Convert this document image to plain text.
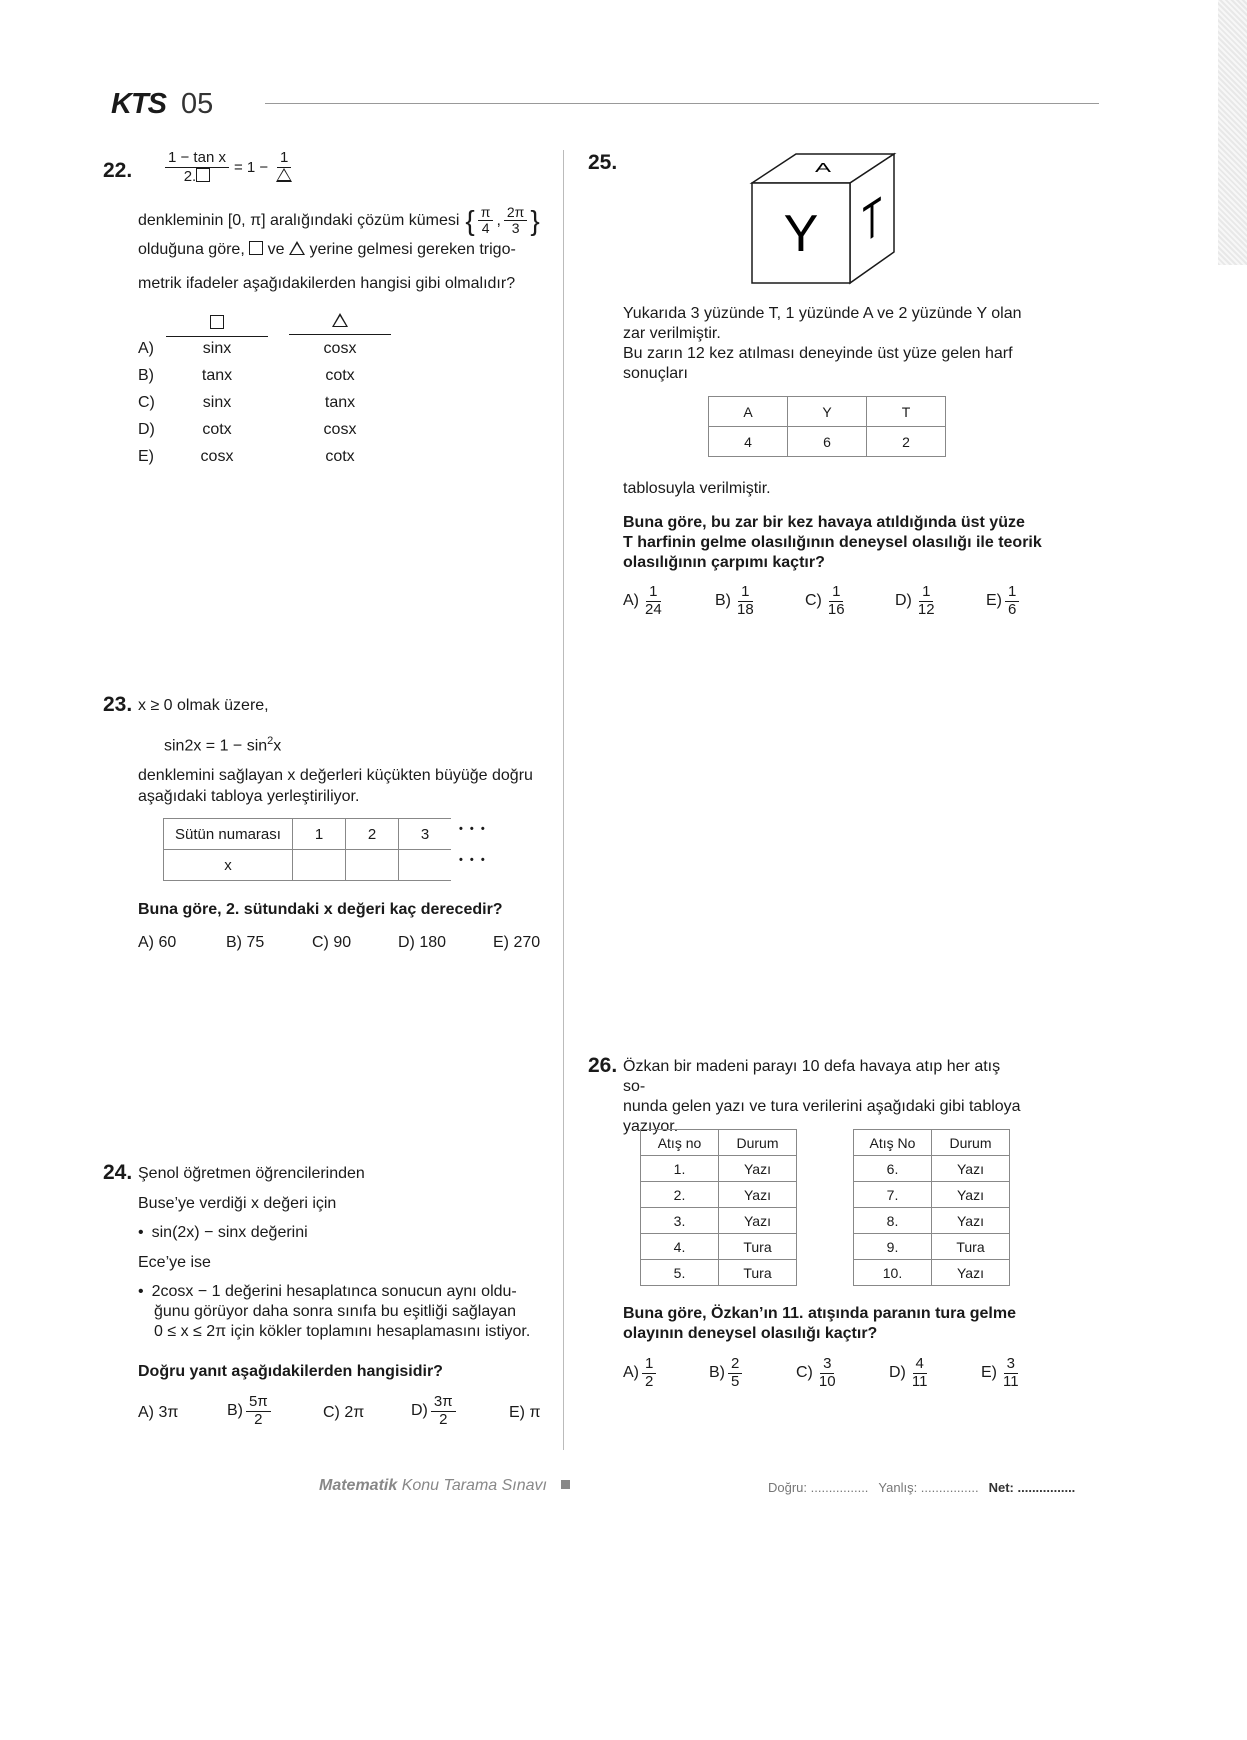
KTS 05
22. $\frac{\text{1 − tan x}}{2.} = 1$ −
1
denkleminin [0, π] aralığındaki çözüm kümesi { $\frac{\pi}{4}$ , $\frac{2\pi}{3}$ }
olduğuna göre, ve yerine gelmesi gereken trigo-
metrik ifadeler aşağıdakilerden hangisi gibi olmalıdır?
A)	sinx	cosx
B)	tanx	cotx
C)	sinx	tanx
D)	cotx	cosx
E)	cosx	cotx
23. x ≥ 0 olmak üzere,
$\sin 2x = 1 - \sin^2x$
denklemini sağlayan x değerleri küçükten büyüğe doğru
aşağıdaki tabloya yerleştiriliyor.
Sütün numarası	1	2	3
x			
• • •
• • •
Buna göre, 2. sütundaki x değeri kaç derecedir?
A) 60	B) 75	C) 90	D) 180	E) 270
24. Şenol öğretmen öğrencilerinden
Buse’ye verdiği x değeri için
• sin(2x) − sinx değerini
Ece’ye ise
• 2cosx − 1 değerini hesaplatınca sonucun aynı oldu-
ğunu görüyor daha sonra sınıfa bu eşitliği sağlayan
0 ≤ x ≤ 2π için kökler toplamını hesaplamasını istiyor.
Doğru yanıt aşağıdakilerden hangisidir?
A) 3π	$B) \frac{5\pi}{2}$	C) 2π	$D) \frac{3\pi}{2}$	E) π
25.
Y
A
T
Yukarıda 3 yüzünde T, 1 yüzünde A ve 2 yüzünde Y olan
zar verilmiştir.
Bu zarın 12 kez atılması deneyinde üst yüze gelen harf
sonuçları
A	Y	T
4	6	2
tablosuyla verilmiştir.
Buna göre, bu zar bir kez havaya atıldığında üst yüze
T harfinin gelme olasılığının deneysel olasılığı ile teorik
olasılığının çarpımı kaçtır?
$A) \frac{1}{24}$	$B) \frac{1}{18}$	$C) \frac{1}{16}$	$D) \frac{1}{12}$	$E) \frac{1}{6}$
26. Özkan bir madeni parayı 10 defa havaya atıp her atış so-
nunda gelen yazı ve tura verilerini aşağıdaki gibi tabloya
yazıyor.
Atış no	Durum
1.	Yazı
2.	Yazı
3.	Yazı
4.	Tura
5.	Tura
Atış No	Durum
6.	Yazı
7.	Yazı
8.	Yazı
9.	Tura
10.	Yazı
Buna göre, Özkan’ın 11. atışında paranın tura gelme
olayının deneysel olasılığı kaçtır?
$A) \frac{1}{2}$	$B) \frac{2}{5}$	$C) \frac{3}{10}$	$D) \frac{4}{11}$	$E) \frac{3}{11}$
Matematik Konu Tarama Sınavı	Doğru: ................ Yanlış: ................ Net: ................
